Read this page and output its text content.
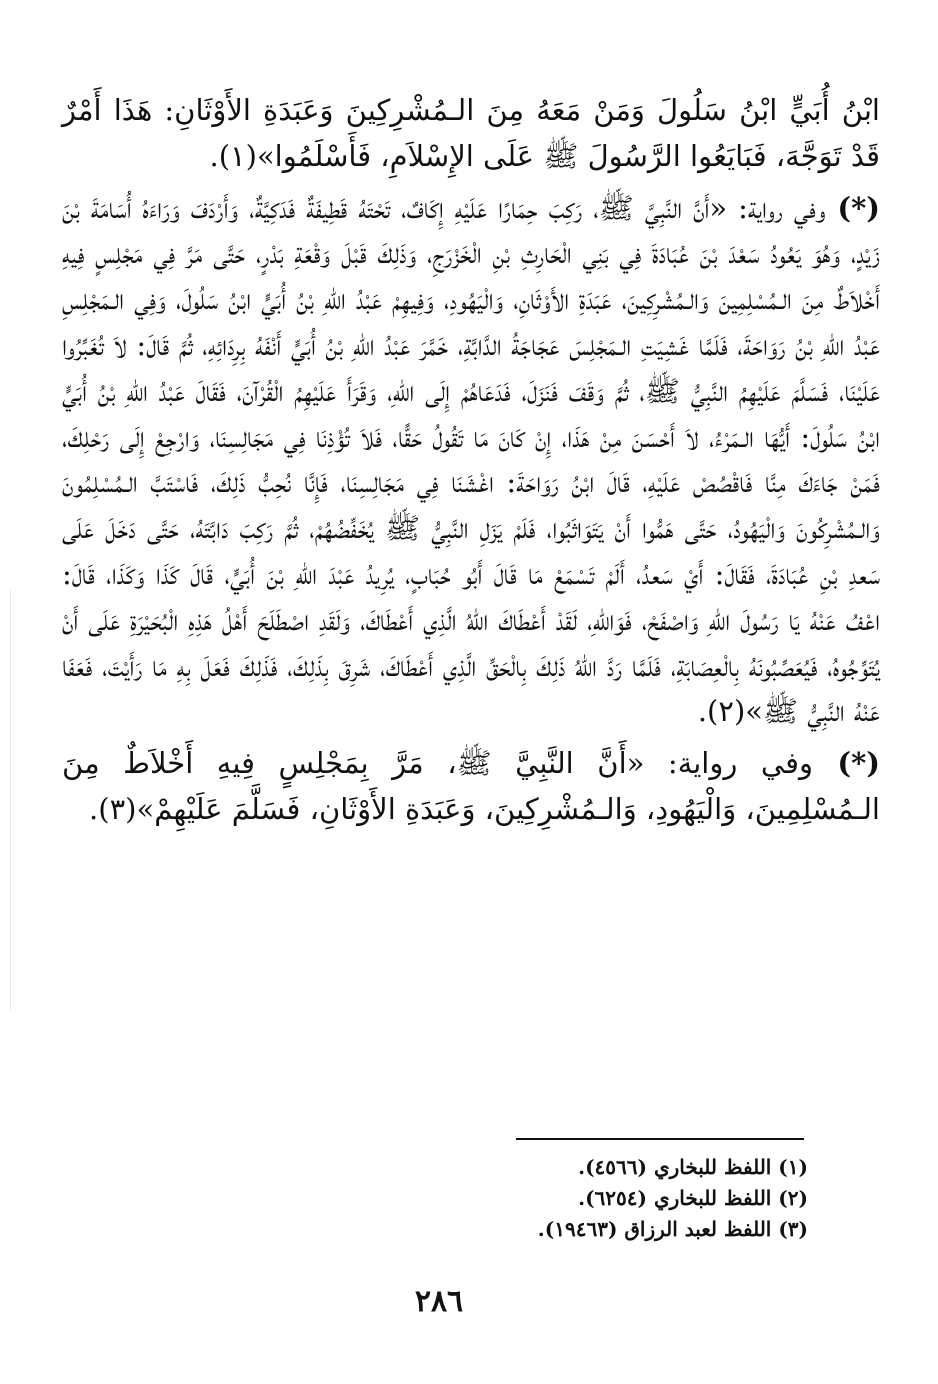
ابْنُ أُبَيٍّ ابْنُ سَلُولَ وَمَنْ مَعَهُ مِنَ الـمُشْرِكِينَ وَعَبَدَةِ الأَوْثَانِ: هَذَا أَمْرٌ قَدْ تَوَجَّهَ، فَبَايَعُوا الرَّسُولَ ﷺ عَلَى الإِسْلاَمِ، فَأَسْلَمُوا»(١).

(*) وفي رواية: «أَنَّ النَّبِيَّ ﷺ، رَكِبَ حِمَارًا عَلَيْهِ إِكَافٌ، تَحْتَهُ قَطِيفَةٌ فَدَكِيَّةٌ، وَأَرْدَفَ وَرَاءَهُ أُسَامَةَ بْنَ زَيْدٍ، وَهُوَ يَعُودُ سَعْدَ بْنَ عُبَادَةَ فِي بَنِي الْحَارِثِ بْنِ الْخَزْرَجِ، وَذَلِكَ قَبْلَ وَقْعَةِ بَدْرٍ، حَتَّى مَرَّ فِي مَجْلِسٍ فِيهِ أَخْلاَطٌ مِنَ الـمُسْلِمِينَ وَالـمُشْرِكِينَ، عَبَدَةِ الأَوْثَانِ، وَالْيَهُودِ، وَفِيهِمْ عَبْدُ اللهِ بْنُ أُبَيٍّ ابْنُ سَلُولَ، وَفِي الـمَجْلِسِ عَبْدُ اللهِ بْنُ رَوَاحَةَ، فَلَمَّا غَشِيَتِ الـمَجْلِسَ عَجَاجَةُ الدَّابَّةِ، خَمَّرَ عَبْدُ اللهِ بْنُ أُبَيٍّ أَنْفَهُ بِرِدَائِهِ، ثُمَّ قَالَ: لاَ تُغَبِّرُوا عَلَيْنَا، فَسَلَّمَ عَلَيْهِمُ النَّبِيُّ ﷺ، ثُمَّ وَقَفَ فَنَزَلَ، فَدَعَاهُمْ إِلَى اللهِ، وَقَرَأَ عَلَيْهِمُ الْقُرْآنَ، فَقَالَ عَبْدُ اللهِ بْنُ أُبَيٍّ ابْنُ سَلُولَ: أَيُّهَا الـمَرْءُ، لاَ أَحْسَنَ مِنْ هَذَا، إِنْ كَانَ مَا تَقُولُ حَقًّا، فَلاَ تُؤْذِنَا فِي مَجَالِسِنَا، وَارْجِعْ إِلَى رَحْلِكَ، فَمَنْ جَاءَكَ مِنَّا فَاقْصُصْ عَلَيْهِ، قَالَ ابْنُ رَوَاحَةَ: اغْشَنَا فِي مَجَالِسِنَا، فَإِنَّا نُحِبُّ ذَلِكَ، فَاسْتَبَّ الـمُسْلِمُونَ وَالـمُشْرِكُونَ وَالْيَهُودُ، حَتَّى هَمُّوا أَنْ يَتَوَاثَبُوا، فَلَمْ يَزَلِ النَّبِيُّ ﷺ يُخَفِّضُهُمْ، ثُمَّ رَكِبَ دَابَّتَهُ، حَتَّى دَخَلَ عَلَى سَعدِ بْنِ عُبَادَةَ، فَقَالَ: أَيْ سَعدُ، أَلَمْ تَسْمَعْ مَا قَالَ أَبُو حُبَابٍ، يُرِيدُ عَبْدَ اللهِ بْنَ أُبَيٍّ، قَالَ كَذَا وَكَذَا، قَالَ: اعْفُ عَنْهُ يَا رَسُولَ اللهِ وَاصْفَحْ، فَوَاللهِ، لَقَدْ أَعْطَاكَ اللهُ الَّذِي أَعْطَاكَ، وَلَقَدِ اصْطَلَحَ أَهْلُ هَذِهِ الْبُحَيْرَةِ عَلَى أَنْ يُتَوِّجُوهُ، فَيُعَصِّبُونَهُ بِالْعِصَابَةِ، فَلَمَّا رَدَّ اللهُ ذَلِكَ بِالْحَقِّ الَّذِي أَعْطَاكَ، شَرِقَ بِذَلِكَ، فَذَلِكَ فَعَلَ بِهِ مَا رَأَيْتَ، فَعَفَا عَنْهُ النَّبِيُّ ﷺ»(٢).

(*) وفي رواية: «أَنَّ النَّبِيَّ ﷺ، مَرَّ بِمَجْلِسٍ فِيهِ أَخْلاَطٌ مِنَ الـمُسْلِمِينَ، وَالْيَهُودِ، وَالـمُشْرِكِينَ، وَعَبَدَةِ الأَوْثَانِ، فَسَلَّمَ عَلَيْهِمْ»(٣).

(١) اللفظ للبخاري (٤٥٦٦).

(٢) اللفظ للبخاري (٦٢٥٤).

(٣) اللفظ لعبد الرزاق (١٩٤٦٣).

٢٨٦
